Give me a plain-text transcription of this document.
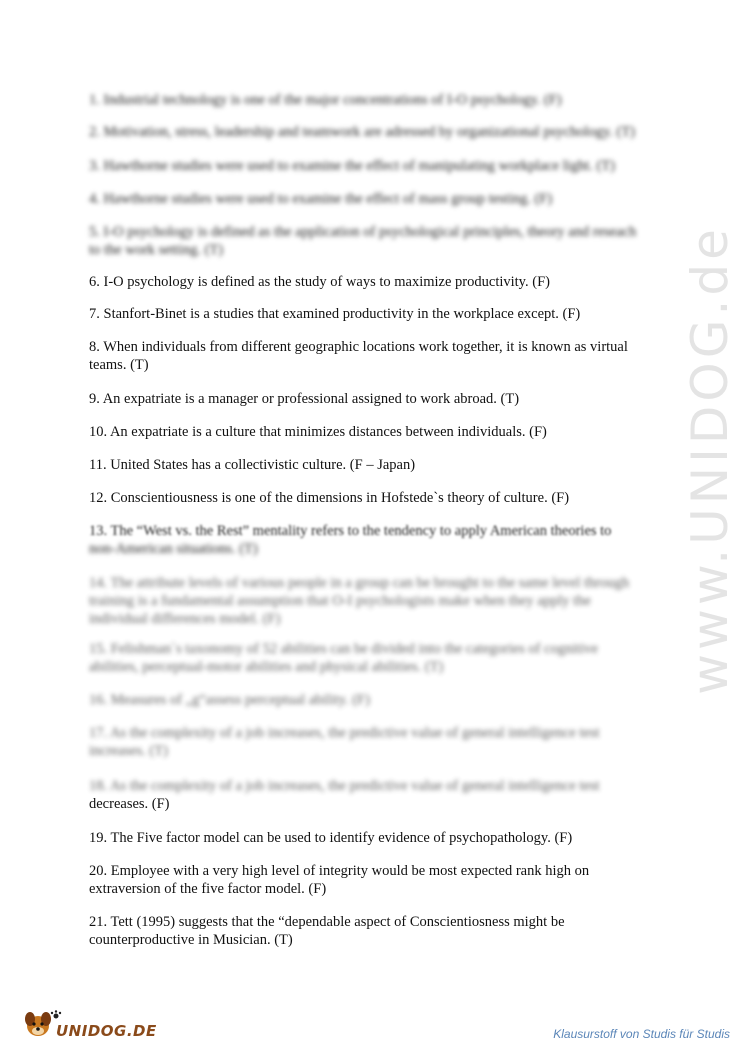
www.UNIDOG.de
1. Industrial technology is one of the major concentrations of I-O psychology. (F)
2. Motivation, stress, leadership and teamwork are adressed by organizational psychology. (T)
3. Hawthorne studies were used to examine the effect of manipulating workplace light. (T)
4. Hawthorne studies were used to examine the effect of mass group testing. (F)
5. I-O psychology is defined as the application of psychological principles, theory and reseach to the work setting. (T)
6. I-O psychology is defined as the study of ways to maximize productivity. (F)
7. Stanfort-Binet is a studies that examined productivity in the workplace except. (F)
8. When individuals from different geographic locations work together, it is known as virtual teams. (T)
9. An expatriate is a manager or professional assigned to work abroad. (T)
10. An expatriate is a culture that minimizes distances between individuals. (F)
11. United States has a collectivistic culture. (F – Japan)
12. Conscientiousness is one of the dimensions in Hofstede`s theory of culture. (F)
13. The “West vs. the Rest” mentality refers to the tendency to apply American theories to
non-American situations. (T)
14. The attribute levels of various people in a group can be brought to the same level through training is a fundamental assumption that O-I psychologists make when they apply the individual differences model. (F)
15. Felishman`s taxonomy of 52 abilities can be divided into the categories of cognitive abilities, perceptual-motor abilities and physical abilities. (T)
16. Measures of „g“assess perceptual ability. (F)
17. As the complexity of a job increases, the predictive value of general intelligence test increases. (T)
18. As the complexity of a job increases, the predictive value of general intelligence test
decreases. (F)
19. The Five factor model can be used to identify evidence of psychopathology. (F)
20. Employee with a very high level of integrity would be most expected rank high on extraversion of the five factor model. (F)
21. Tett (1995) suggests that the “dependable aspect of Conscientiosness might be counterproductive in Musician. (T)
UNIDOG.DE	Klausurstoff von Studis für Studis
